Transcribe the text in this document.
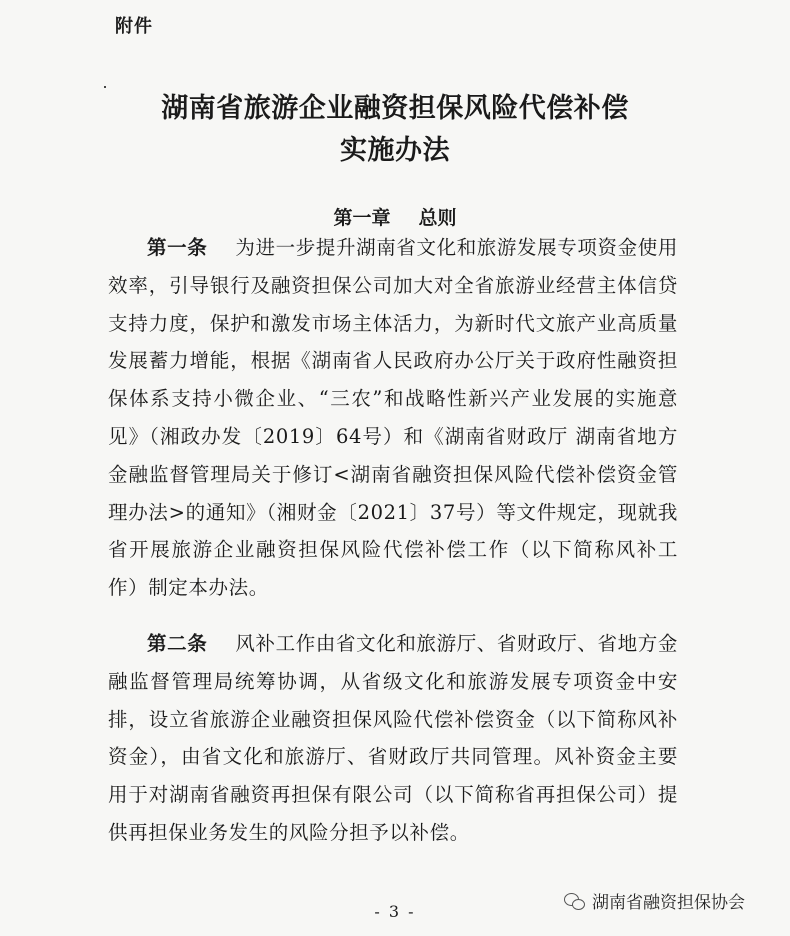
附件
湖南省旅游企业融资担保风险代偿补偿
实施办法
第一章 总则
第一条 为进一步提升湖南省文化和旅游发展专项资金使用效率，引导银行及融资担保公司加大对全省旅游业经营主体信贷支持力度，保护和激发市场主体活力，为新时代文旅产业高质量发展蓄力增能，根据《湖南省人民政府办公厅关于政府性融资担保体系支持小微企业、“三农”和战略性新兴产业发展的实施意见》（湘政办发〔2019〕64号）和《湖南省财政厅 湖南省地方金融监督管理局关于修订<湖南省融资担保风险代偿补偿资金管理办法>的通知》（湘财金〔2021〕37号）等文件规定，现就我省开展旅游企业融资担保风险代偿补偿工作（以下简称风补工作）制定本办法。
第二条 风补工作由省文化和旅游厅、省财政厅、省地方金融监督管理局统筹协调，从省级文化和旅游发展专项资金中安排，设立省旅游企业融资担保风险代偿补偿资金（以下简称风补资金），由省文化和旅游厅、省财政厅共同管理。风补资金主要用于对湖南省融资再担保有限公司（以下简称省再担保公司）提供再担保业务发生的风险分担予以补偿。
- 3 -	湖南省融资担保协会
